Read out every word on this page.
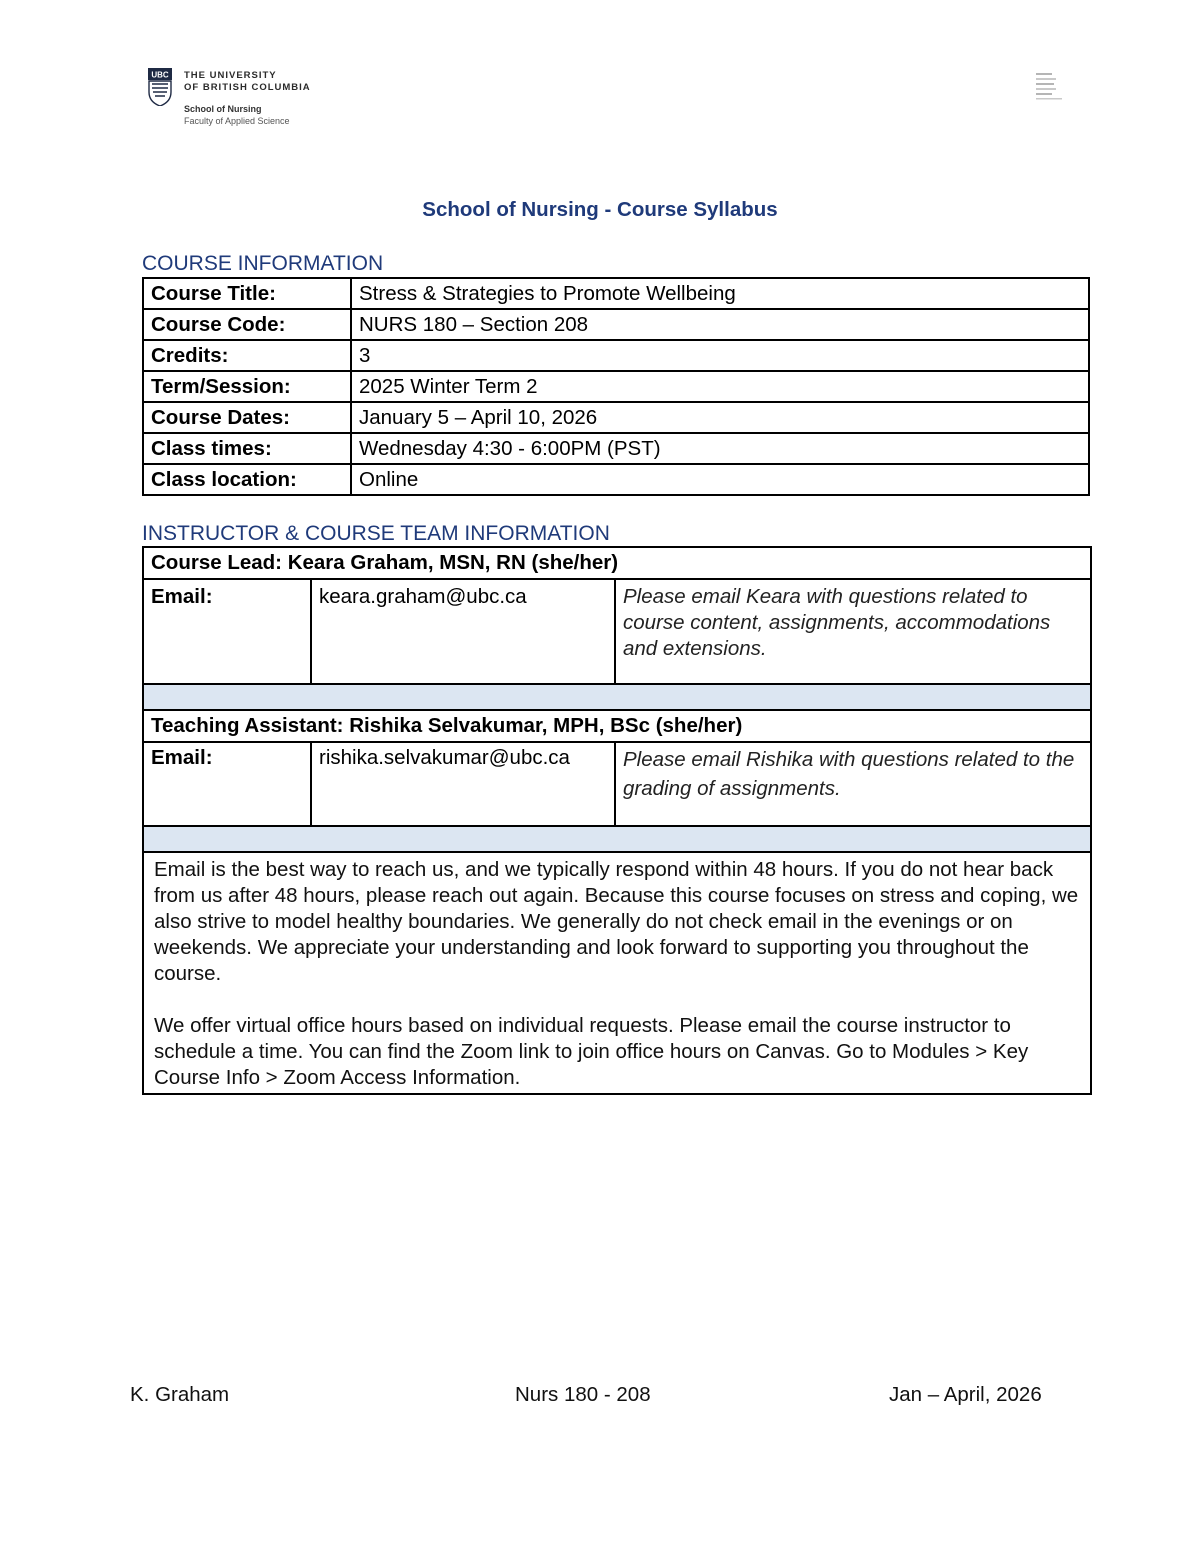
UBC THE UNIVERSITY
OF BRITISH COLUMBIA
School of Nursing
Faculty of Applied Science
School of Nursing - Course Syllabus
COURSE INFORMATION
Course Title:	Stress & Strategies to Promote Wellbeing
Course Code:	NURS 180 – Section 208
Credits:	3
Term/Session:	2025 Winter Term 2
Course Dates:	January 5 – April 10, 2026
Class times:	Wednesday 4:30 - 6:00PM (PST)
Class location:	Online
INSTRUCTOR & COURSE TEAM INFORMATION
Course Lead: Keara Graham, MSN, RN (she/her)		
Email:	keara.graham@ubc.ca	Please email Keara with questions related to course content, assignments, accommodations and extensions.

Teaching Assistant: Rishika Selvakumar, MPH, BSc (she/her)		
Email:	rishika.selvakumar@ubc.ca	Please email Rishika with questions related to the grading of assignments.

Email is the best way to reach us, and we typically respond within 48 hours. If you do not hear back from us after 48 hours, please reach out again. Because this course focuses on stress and coping, we also strive to model healthy boundaries. We generally do not check email in the evenings or on weekends. We appreciate your understanding and look forward to supporting you throughout the course.

We offer virtual office hours based on individual requests. Please email the course instructor to schedule a time. You can find the Zoom link to join office hours on Canvas. Go to Modules > Key Course Info > Zoom Access Information.		

K. Graham	Nurs 180 - 208	Jan – April, 2026
